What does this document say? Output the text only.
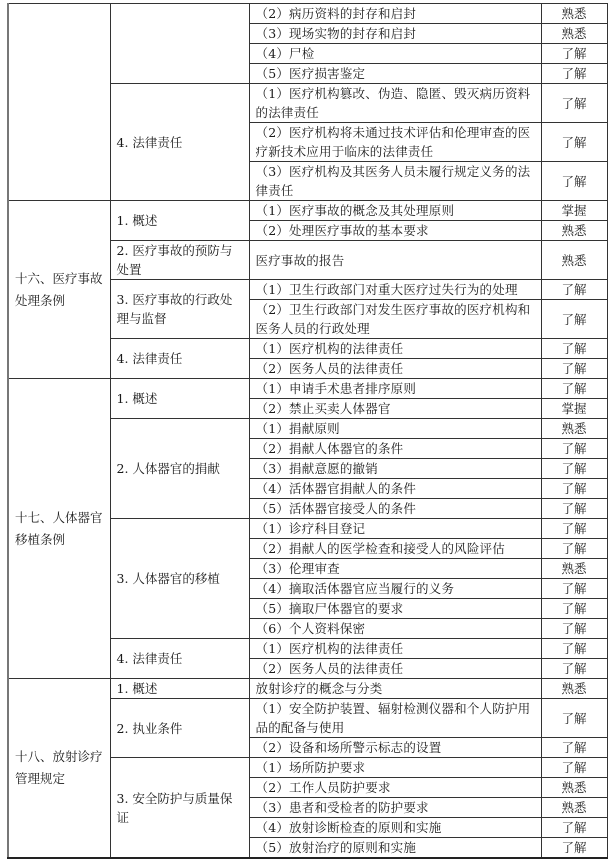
		（2）病历资料的封存和启封	熟悉
		（3）现场实物的封存和启封	熟悉
		（4）尸检	了解
		（5）医疗损害鉴定	了解
	4. 法律责任	（1）医疗机构篡改、伪造、隐匿、毁灭病历资料的法律责任	了解
		（2）医疗机构将未通过技术评估和伦理审查的医疗新技术应用于临床的法律责任	了解
		（3）医疗机构及其医务人员未履行规定义务的法律责任	了解
十六、医疗事故处理条例	1. 概述	（1）医疗事故的概念及其处理原则	掌握
		（2）处理医疗事故的基本要求	熟悉
	2. 医疗事故的预防与处置	医疗事故的报告	熟悉
	3. 医疗事故的行政处理与监督	（1）卫生行政部门对重大医疗过失行为的处理	了解
		（2）卫生行政部门对发生医疗事故的医疗机构和医务人员的行政处理	了解
	4. 法律责任	（1）医疗机构的法律责任	了解
		（2）医务人员的法律责任	了解
十七、人体器官移植条例	1. 概述	（1）申请手术患者排序原则	了解
		（2）禁止买卖人体器官	掌握
	2. 人体器官的捐献	（1）捐献原则	熟悉
		（2）捐献人体器官的条件	了解
		（3）捐献意愿的撤销	了解
		（4）活体器官捐献人的条件	了解
		（5）活体器官接受人的条件	了解
	3. 人体器官的移植	（1）诊疗科目登记	了解
		（2）捐献人的医学检查和接受人的风险评估	了解
		（3）伦理审查	熟悉
		（4）摘取活体器官应当履行的义务	了解
		（5）摘取尸体器官的要求	了解
		（6）个人资料保密	了解
	4. 法律责任	（1）医疗机构的法律责任	了解
		（2）医务人员的法律责任	了解
十八、放射诊疗管理规定	1. 概述	放射诊疗的概念与分类	熟悉
	2. 执业条件	（1）安全防护装置、辐射检测仪器和个人防护用品的配备与使用	了解
		（2）设备和场所警示标志的设置	了解
	3. 安全防护与质量保证	（1）场所防护要求	了解
		（2）工作人员防护要求	熟悉
		（3）患者和受检者的防护要求	熟悉
		（4）放射诊断检查的原则和实施	了解
		（5）放射治疗的原则和实施	了解
